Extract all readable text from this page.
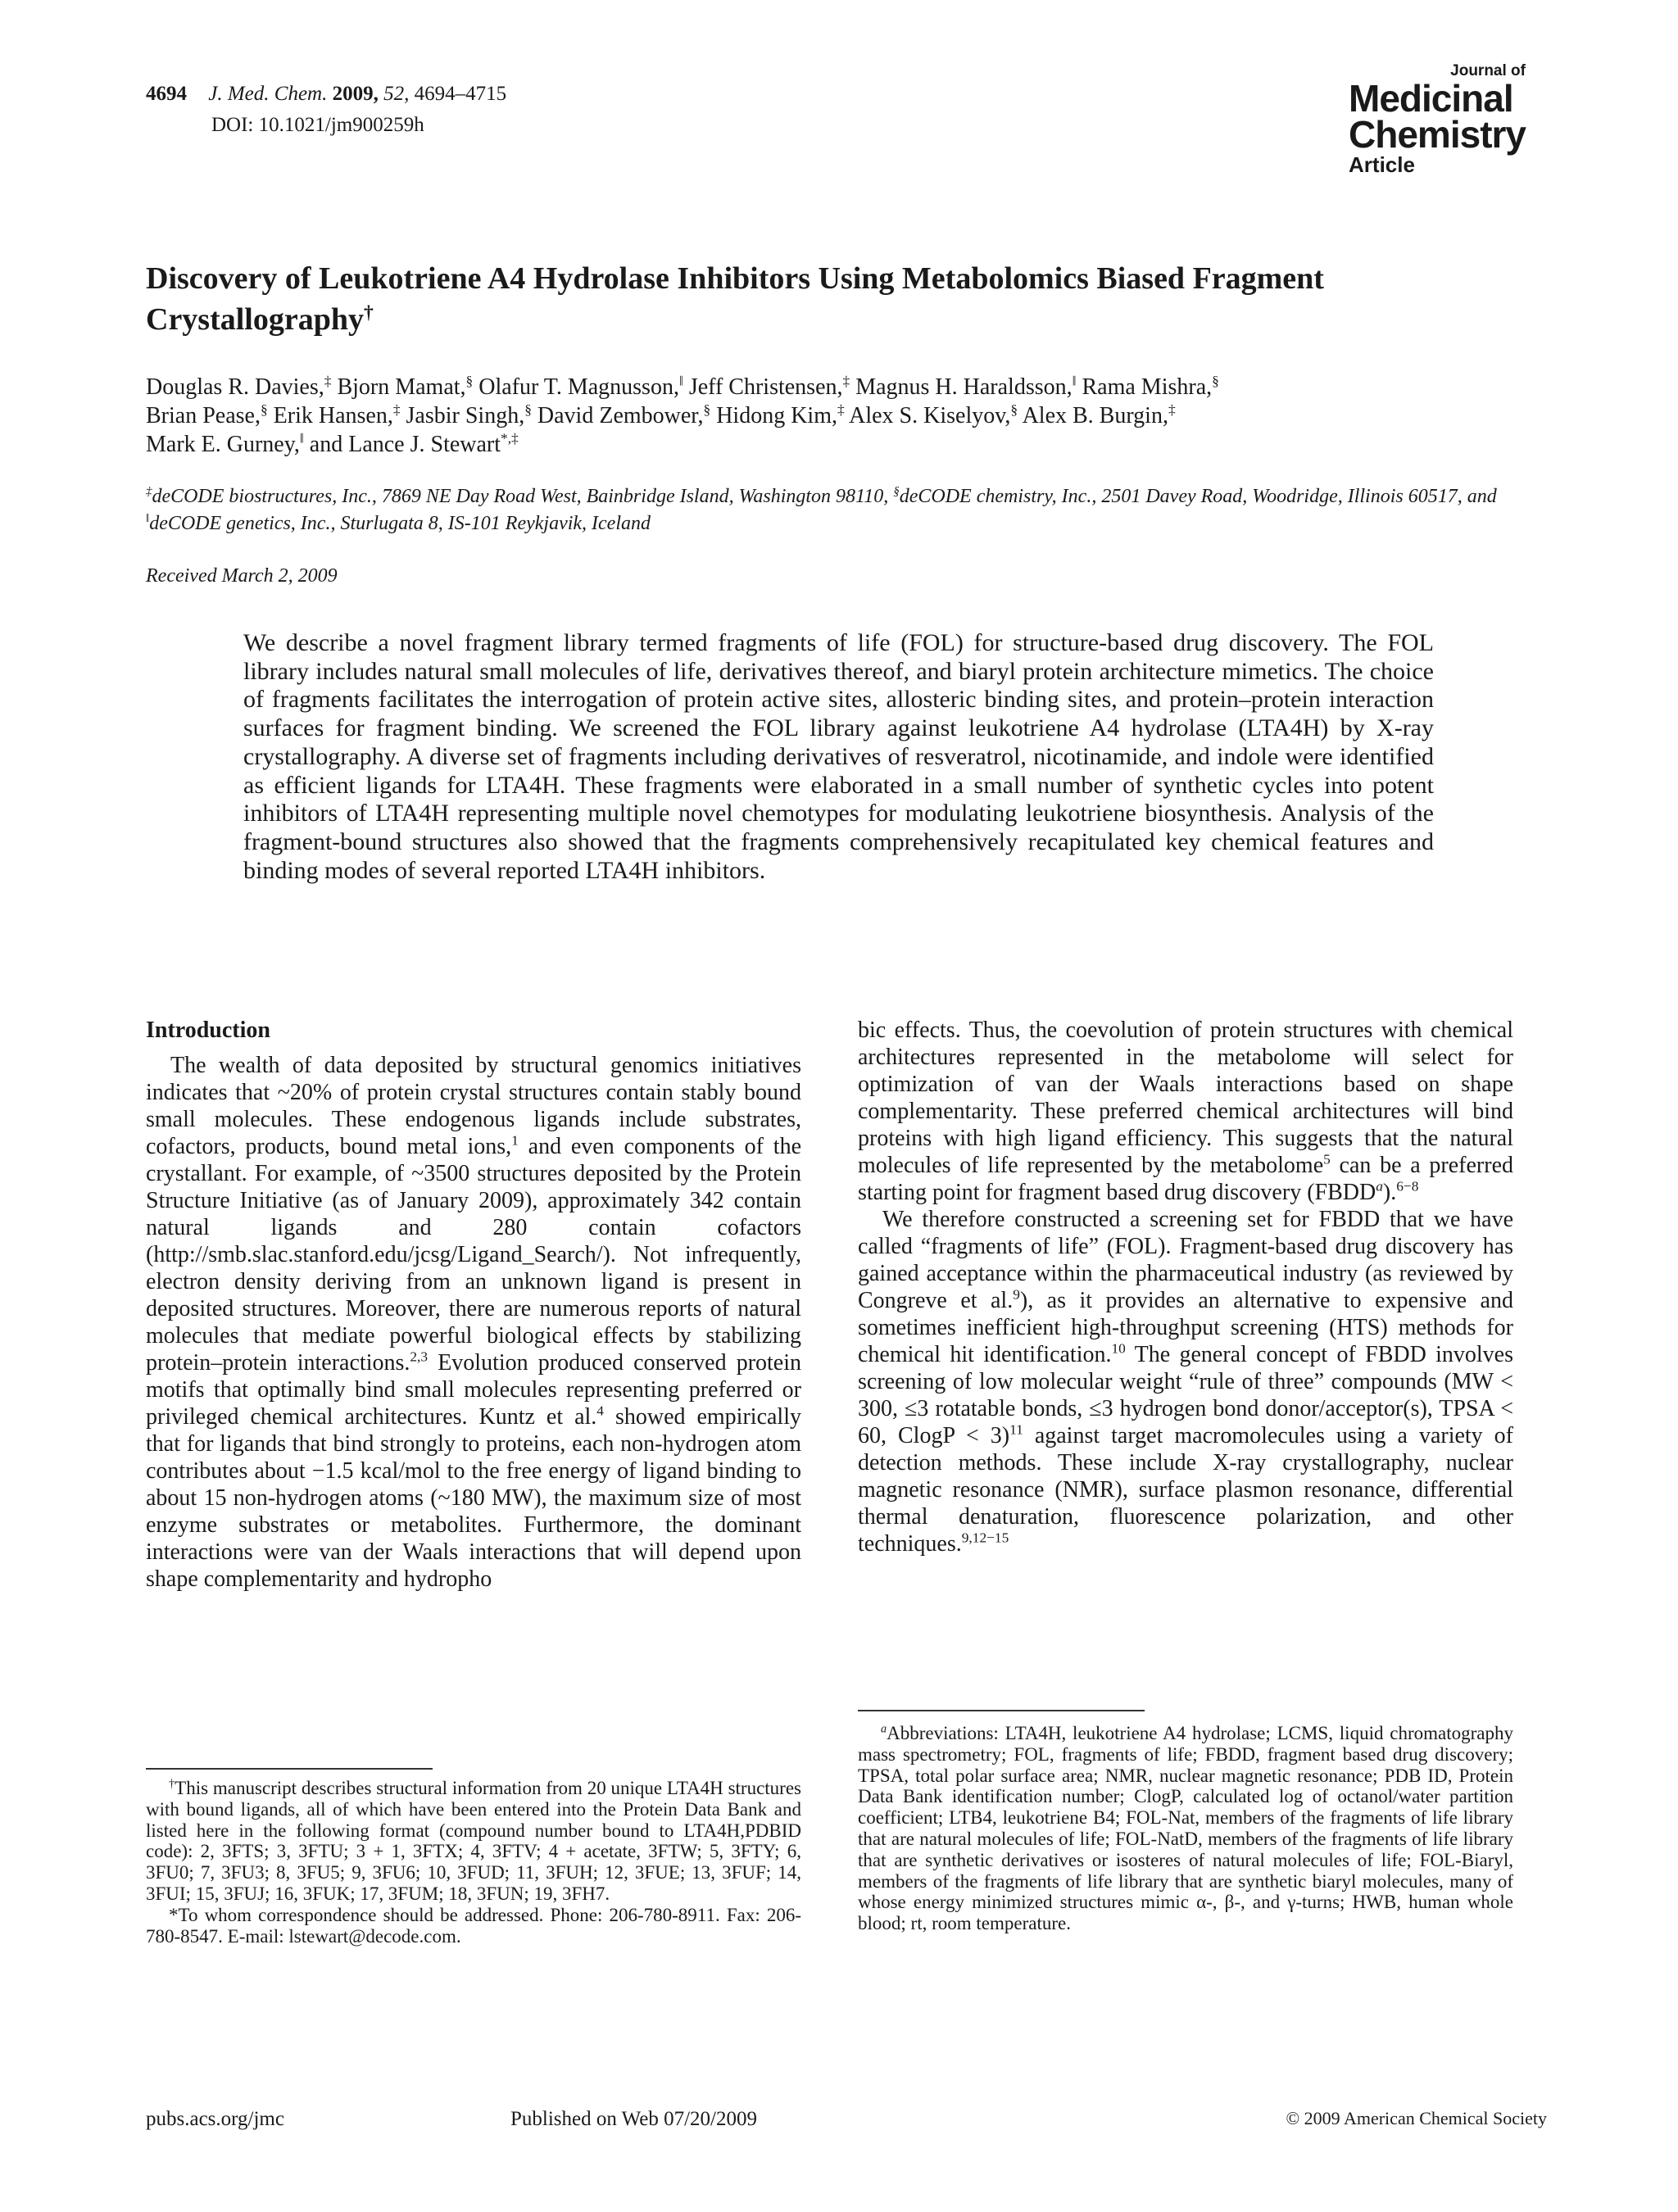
4694 J. Med. Chem. 2009, 52, 4694–4715
DOI: 10.1021/jm900259h
Journal of
Medicinal
Chemistry
Article
Discovery of Leukotriene A4 Hydrolase Inhibitors Using Metabolomics Biased Fragment Crystallography†
Douglas R. Davies,‡ Bjorn Mamat,§ Olafur T. Magnusson,‖ Jeff Christensen,‡ Magnus H. Haraldsson,‖ Rama Mishra,§
Brian Pease,§ Erik Hansen,‡ Jasbir Singh,§ David Zembower,§ Hidong Kim,‡ Alex S. Kiselyov,§ Alex B. Burgin,‡
Mark E. Gurney,‖ and Lance J. Stewart*,‡
‡deCODE biostructures, Inc., 7869 NE Day Road West, Bainbridge Island, Washington 98110, §deCODE chemistry, Inc., 2501 Davey Road, Woodridge, Illinois 60517, and ‖deCODE genetics, Inc., Sturlugata 8, IS-101 Reykjavik, Iceland
Received March 2, 2009
We describe a novel fragment library termed fragments of life (FOL) for structure-based drug discovery. The FOL library includes natural small molecules of life, derivatives thereof, and biaryl protein architecture mimetics. The choice of fragments facilitates the interrogation of protein active sites, allosteric binding sites, and protein–protein interaction surfaces for fragment binding. We screened the FOL library against leukotriene A4 hydrolase (LTA4H) by X-ray crystallography. A diverse set of fragments including derivatives of resveratrol, nicotinamide, and indole were identified as efficient ligands for LTA4H. These fragments were elaborated in a small number of synthetic cycles into potent inhibitors of LTA4H representing multiple novel chemotypes for modulating leukotriene biosynthesis. Analysis of the fragment-bound structures also showed that the fragments comprehensively recapitulated key chemical features and binding modes of several reported LTA4H inhibitors.

Introduction

The wealth of data deposited by structural genomics initiatives indicates that ~20% of protein crystal structures contain stably bound small molecules. These endogenous ligands include substrates, cofactors, products, bound metal ions,$^1$ and even components of the crystallant. For example, of ~3500 structures deposited by the Protein Structure Initiative (as of January 2009), approximately 342 contain natural ligands and 280 contain cofactors (http://smb.slac.stanford.edu/jcsg/Ligand_Search/). Not infrequently, electron density deriving from an unknown ligand is present in deposited structures. Moreover, there are numerous reports of natural molecules that mediate powerful biological effects by stabilizing protein–protein interactions.$^{2,3}$ Evolution produced conserved protein motifs that optimally bind small molecules representing preferred or privileged chemical architectures. Kuntz et al.$^4$ showed empirically that for ligands that bind strongly to proteins, each non-hydrogen atom contributes about −1.5 kcal/mol to the free energy of ligand binding to about 15 non-hydrogen atoms (~180 MW), the maximum size of most enzyme substrates or metabolites. Furthermore, the dominant interactions were van der Waals interactions that will depend upon shape complementarity and hydropho

bic effects. Thus, the coevolution of protein structures with chemical architectures represented in the metabolome will select for optimization of van der Waals interactions based on shape complementarity. These preferred chemical architectures will bind proteins with high ligand efficiency. This suggests that the natural molecules of life represented by the metabolome$^5$ can be a preferred starting point for fragment based drug discovery (FBDD$^a$).$^{6-8}$

We therefore constructed a screening set for FBDD that we have called “fragments of life” (FOL). Fragment-based drug discovery has gained acceptance within the pharmaceutical industry (as reviewed by Congreve et al.$^9$), as it provides an alternative to expensive and sometimes inefficient high-throughput screening (HTS) methods for chemical hit identification.$^{10}$ The general concept of FBDD involves screening of low molecular weight “rule of three” compounds (MW < 300, ≤3 rotatable bonds, ≤3 hydrogen bond donor/acceptor(s), TPSA < 60, ClogP < 3)$^{11}$ against target macromolecules using a variety of detection methods. These include X-ray crystallography, nuclear magnetic resonance (NMR), surface plasmon resonance, differential thermal denaturation, fluorescence polarization, and other techniques.$^{9,12-15}$

†This manuscript describes structural information from 20 unique LTA4H structures with bound ligands, all of which have been entered into the Protein Data Bank and listed here in the following format (compound number bound to LTA4H,PDBID code): 2, 3FTS; 3, 3FTU; 3 + 1, 3FTX; 4, 3FTV; 4 + acetate, 3FTW; 5, 3FTY; 6, 3FU0; 7, 3FU3; 8, 3FU5; 9, 3FU6; 10, 3FUD; 11, 3FUH; 12, 3FUE; 13, 3FUF; 14, 3FUI; 15, 3FUJ; 16, 3FUK; 17, 3FUM; 18, 3FUN; 19, 3FH7.

*To whom correspondence should be addressed. Phone: 206-780-8911. Fax: 206-780-8547. E-mail: lstewart@decode.com.

$^a$Abbreviations: LTA4H, leukotriene A4 hydrolase; LCMS, liquid chromatography mass spectrometry; FOL, fragments of life; FBDD, fragment based drug discovery; TPSA, total polar surface area; NMR, nuclear magnetic resonance; PDB ID, Protein Data Bank identification number; ClogP, calculated log of octanol/water partition coefficient; LTB4, leukotriene B4; FOL-Nat, members of the fragments of life library that are natural molecules of life; FOL-NatD, members of the fragments of life library that are synthetic derivatives or isosteres of natural molecules of life; FOL-Biaryl, members of the fragments of life library that are synthetic biaryl molecules, many of whose energy minimized structures mimic α-, β-, and γ-turns; HWB, human whole blood; rt, room temperature.

pubs.acs.org/jmc	Published on Web 07/20/2009	© 2009 American Chemical Society
